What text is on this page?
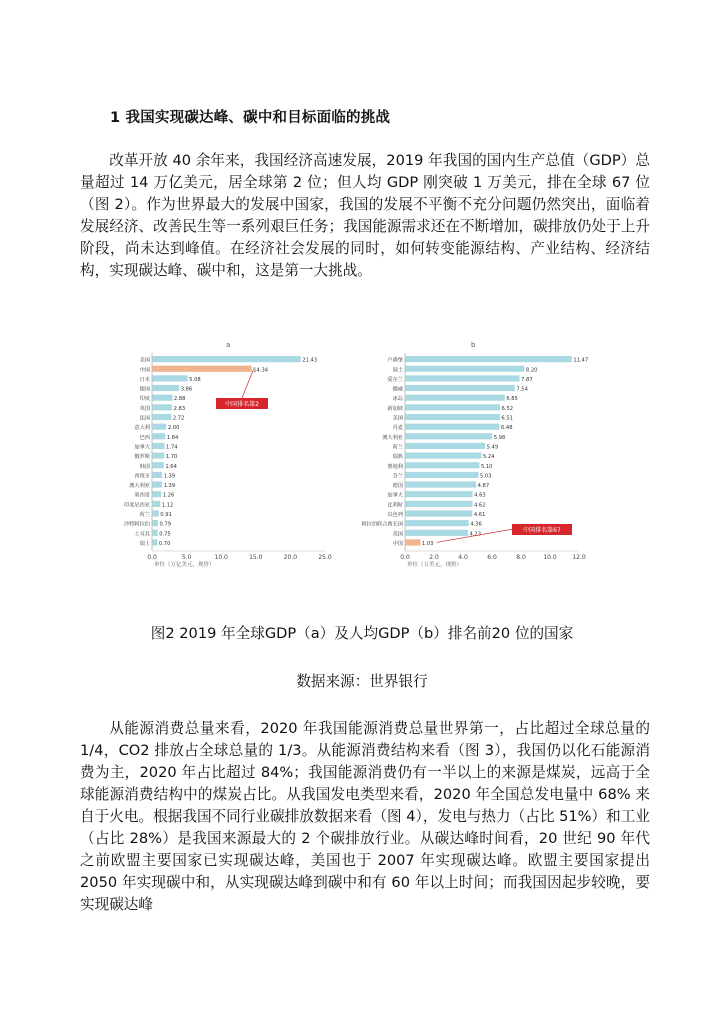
1 我国实现碳达峰、碳中和目标面临的挑战

改革开放 40 余年来，我国经济高速发展，2019 年我国的国内生产总值（GDP）总量超过 14 万亿美元，居全球第 2 位；但人均 GDP 刚突破 1 万美元，排在全球 67 位（图 2）。作为世界最大的发展中国家，我国的发展不平衡不充分问题仍然突出，面临着发展经济、改善民生等一系列艰巨任务；我国能源需求还在不断增加，碳排放仍处于上升阶段，尚未达到峰值。在经济社会发展的同时，如何转变能源结构、产业结构、经济结构，实现碳达峰、碳中和，这是第一大挑战。

a
美国	21.43
中国	14.34
日本	5.08
德国	3.86
印度	2.88
英国	2.83
法国	2.72
意大利	2.00
巴西	1.84
加拿大	1.74
俄罗斯	1.70
韩国	1.64
西班牙	1.39
澳大利亚	1.39
墨西哥 1.26
印度尼西亚 1.12
荷兰 0.91
沙特阿拉伯 0.79
土耳其 0.75
瑞士 0.70
0.0	5.0	10.0	15.0	20.0	25.0
单位（万亿美元，现价）
中国排名第2
b
卢森堡	11.47
瑞士	8.20
爱尔兰	7.87
挪威	7.54
冰岛	6.85
新加坡	6.52
美国	6.51
丹麦	6.48
澳大利亚	5.98
荷兰	5.49
瑞典	5.24
奥地利	5.10
芬兰	5.03
德国	4.87
加拿大	4.63
比利时	4.62
以色列	4.61
阿拉伯联合酋长国	4.36
英国	4.23
中国	1.03
0.0	2.0	4.0	6.0	8.0	10.0	12.0
单位（万美元，现价）
中国排名第67
图2 2019 年全球GDP（a）及人均GDP（b）排名前20 位的国家
数据来源：世界银行

从能源消费总量来看，2020 年我国能源消费总量世界第一，占比超过全球总量的 1/4，CO2 排放占全球总量的 1/3。从能源消费结构来看（图 3），我国仍以化石能源消费为主，2020 年占比超过 84%；我国能源消费仍有一半以上的来源是煤炭，远高于全球能源消费结构中的煤炭占比。从我国发电类型来看，2020 年全国总发电量中 68% 来自于火电。根据我国不同行业碳排放数据来看（图 4），发电与热力（占比 51%）和工业（占比 28%）是我国来源最大的 2 个碳排放行业。从碳达峰时间看，20 世纪 90 年代之前欧盟主要国家已实现碳达峰，美国也于 2007 年实现碳达峰。欧盟主要国家提出 2050 年实现碳中和，从实现碳达峰到碳中和有 60 年以上时间；而我国因起步较晚，要实现碳达峰
